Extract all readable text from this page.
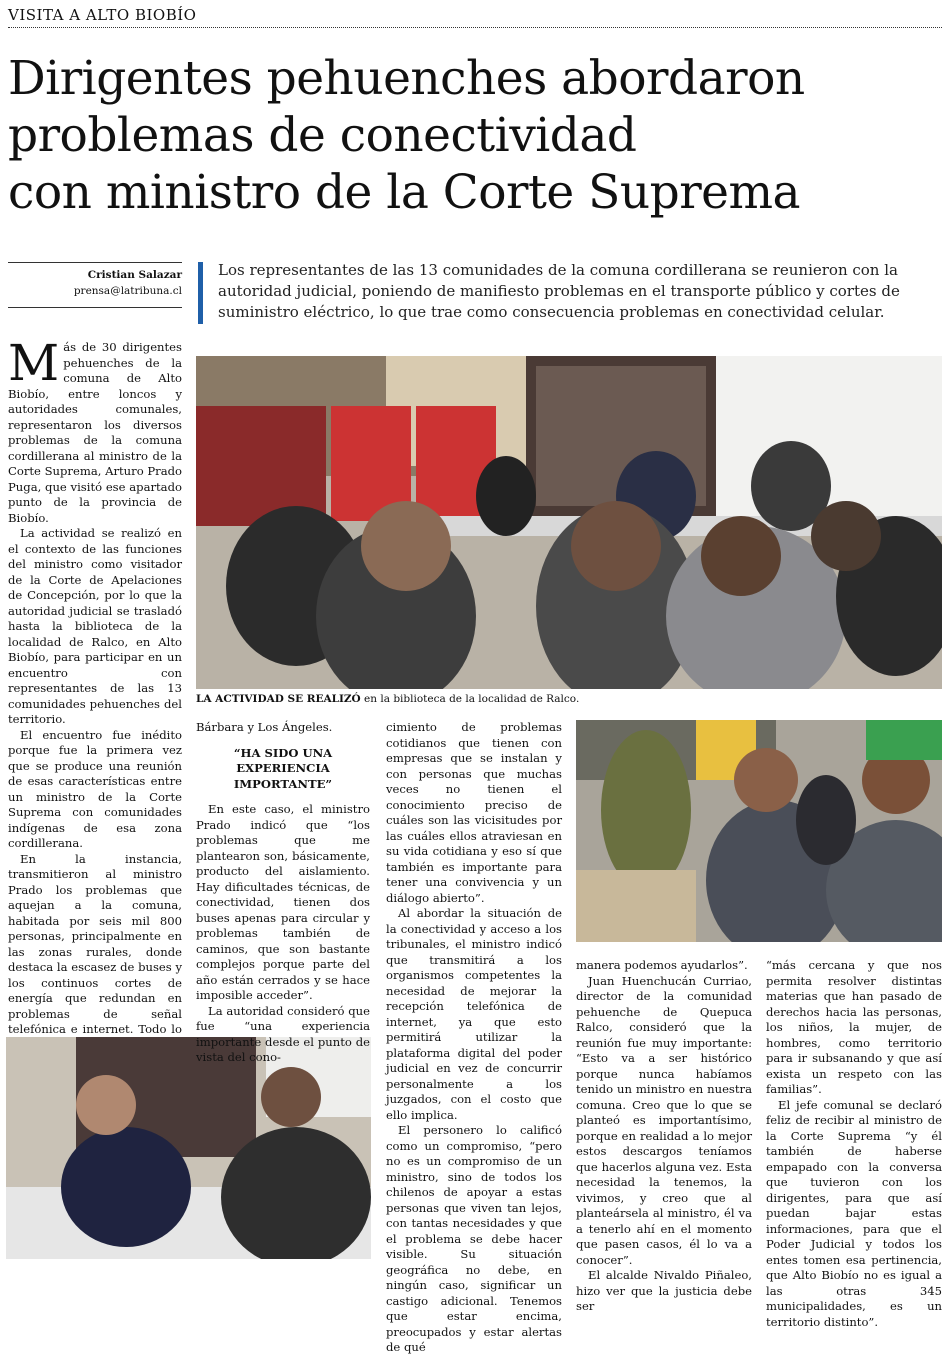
VISITA A ALTO BIOBÍO
Dirigentes pehuenches abordaron
problemas de conectividad
con ministro de la Corte Suprema
Cristian Salazar
prensa@latribuna.cl
Los representantes de las 13 comunidades de la comuna cordillerana se reunieron con la autoridad judicial, poniendo de manifiesto problemas en el transporte público y cortes de suministro eléctrico, lo que trae como consecuencia problemas en conectividad celular.
LA ACTIVIDAD SE REALIZÓ en la biblioteca de la localidad de Ralco.

Más de 30 dirigentes pehuenches de la comuna de Alto Biobío, entre loncos y autoridades comunales, representaron los diversos problemas de la comuna cordillerana al ministro de la Corte Suprema, Arturo Prado Puga, que visitó ese apartado punto de la provincia de Biobío.

La actividad se realizó en el contexto de las funciones del ministro como visitador de la Corte de Apelaciones de Concepción, por lo que la autoridad judicial se trasladó hasta la biblioteca de la localidad de Ralco, en Alto Biobío, para participar en un encuentro con representantes de las 13 comunidades pehuenches del territorio.

El encuentro fue inédito porque fue la primera vez que se produce una reunión de esas características entre un ministro de la Corte Suprema con comunidades indígenas de esa zona cordillerana.

En la instancia, transmitieron al ministro Prado los problemas que aquejan a la comuna, habitada por seis mil 800 personas, principalmente en las zonas rurales, donde destaca la escasez de buses y los continuos cortes de energía que redundan en problemas de señal telefónica e internet. Todo lo

Bárbara y Los Ángeles.

“HA SIDO UNA EXPERIENCIA IMPORTANTE”

En este caso, el ministro Prado indicó que “los problemas que me plantearon son, básicamente, producto del aislamiento. Hay dificultades técnicas, de conectividad, tienen dos buses apenas para circular y problemas también de caminos, que son bastante complejos porque parte del año están cerrados y se hace imposible acceder”.

La autoridad consideró que fue “una experiencia importante desde el punto de vista del cono-

cimiento de problemas cotidianos que tienen con empresas que se instalan y con personas que muchas veces no tienen el conocimiento preciso de cuáles son las vicisitudes por las cuáles ellos atraviesan en su vida cotidiana y eso sí que también es importante para tener una convivencia y un diálogo abierto”.

Al abordar la situación de la conectividad y acceso a los tribunales, el ministro indicó que transmitirá a los organismos competentes la necesidad de mejorar la recepción telefónica de internet, ya que esto permitirá utilizar la plataforma digital del poder judicial en vez de concurrir personalmente a los juzgados, con el costo que ello implica.

El personero lo calificó como un compromiso, “pero no es un compromiso de un ministro, sino de todos los chilenos de apoyar a estas personas que viven tan lejos, con tantas necesidades y que el problema se debe hacer visible. Su situación geográfica no debe, en ningún caso, significar un castigo adicional. Tenemos que estar encima, preocupados y estar alertas de qué

manera podemos ayudarlos”.

Juan Huenchucán Curriao, director de la comunidad pehuenche de Quepuca Ralco, consideró que la reunión fue muy importante: “Esto va a ser histórico porque nunca habíamos tenido un ministro en nuestra comuna. Creo que lo que se planteó es importantísimo, porque en realidad a lo mejor estos descargos teníamos que hacerlos alguna vez. Esta necesidad la tenemos, la vivimos, y creo que al planteársela al ministro, él va a tenerlo ahí en el momento que pasen casos, él lo va a conocer”.

El alcalde Nivaldo Piñaleo, hizo ver que la justicia debe ser

“más cercana y que nos permita resolver distintas materias que han pasado de derechos hacia las personas, los niños, la mujer, de hombres, como territorio para ir subsanando y que así exista un respeto con las familias”.

El jefe comunal se declaró feliz de recibir al ministro de la Corte Suprema “y él también de haberse empapado con la conversa que tuvieron con los dirigentes, para que así puedan bajar estas informaciones, para que el Poder Judicial y todos los entes tomen esa pertinencia, que Alto Biobío no es igual a las otras 345 municipalidades, es un territorio distinto”.
